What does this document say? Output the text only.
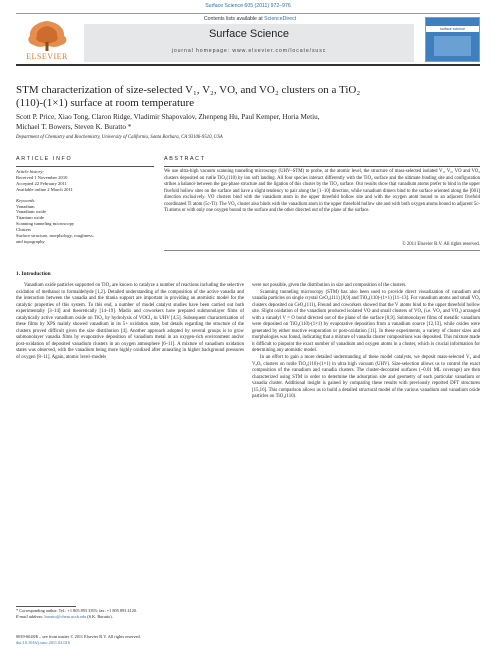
Surface Science 605 (2011) 972–976
ELSEVIER
Contents lists available at ScienceDirect
Surface Science
journal homepage: www.elsevier.com/locate/susc
surface science
STM characterization of size-selected V₁, V₂, VO, and VO₂ clusters on a TiO₂
(110)-(1×1) surface at room temperature
Scott P. Price, Xiao Tong, Claron Ridge, Vladimir Shapovalov, Zhenpeng Hu, Paul Kemper, Horia Metiu,
Michael T. Bowers, Steven K. Buratto *
Department of Chemistry and Biochemistry, University of California, Santa Barbara, CA 93106-9510, USA
ARTICLE INFO	ABSTRACT
Article history:
Received 1 November 2010
Accepted 22 February 2011
Available online 2 March 2011
Keywords:
Vanadium
Vanadium oxide
Titanium oxide
Scanning tunneling microscopy
Clusters
Surface structure, morphology, roughness,
and topography
We use ultra-high vacuum scanning tunneling microscopy (UHV–STM) to probe, at the atomic level, the structure of mass-selected isolated V₁, V₂, VO and VO₂ clusters deposited on rutile TiO₂(110) by ion soft landing. All four species interact differently with the TiO₂ surface and the ultimate binding site and configuration strikes a balance between the gas-phase structure and the ligation of this cluster by the TiO₂ surface. Our results show that vanadium atoms prefer to bind in the upper fivefold hollow sites on the surface and have a slight tendency to pair along the [1−10] direction, while vanadium dimers bind to the surface oriented along the [001] direction exclusively. VO clusters bind with the vanadium atom in the upper threefold hollow site and with the oxygen atom bound to an adjacent fivefold coordinated Ti atom (5c-Ti). The VO₂ cluster also binds with the vanadium atom in the upper threefold hollow site and with both oxygen atoms bound to adjacent 5c-Ti atoms or with only one oxygen bound to the surface and the other directed out of the plane of the surface.
© 2011 Elsevier B.V. All rights reserved.
1. Introduction

Vanadium oxide particles supported on TiO₂ are known to catalyze a number of reactions including the selective oxidation of methanol to formaldehyde [1,2]. Detailed understanding of the composition of the active vanadia and the interaction between the vanadia and the titania support are important in providing an atomistic model for the catalytic properties of this system. To this end, a number of model catalyst studies have been carried out both experimentally [3–14] and theoretically [14–19]. Madix and coworkers have prepared submonolayer films of catalytically active vanadium oxide on TiO₂ by hydrolysis of VOCl₃ in UHV [4,5]. Subsequent characterization of these films by XPS mainly showed vanadium in its 5+ oxidation state, but details regarding the structure of the clusters proved difficult given the size distribution [4]. Another approach adopted by several groups is to grow submonolayer vanadia films by evaporative deposition of vanadium metal in an oxygen-rich environment and/or post-oxidation of deposited vanadium clusters in an oxygen atmosphere [6–11]. A mixture of vanadium oxidation states was observed, with the vanadium being more highly oxidized after annealing in higher background pressures of oxygen [8–11]. Again, atomic level–models

were not possible, given the distribution in size and composition of the clusters.

Scanning tunneling microscopy (STM) has also been used to provide direct visualization of vanadium and vanadia particles on single crystal CeO₂(111) [8,9] and TiO₂(110)-(1×1) [11–13]. For vanadium atoms and small VOₓ clusters deposited on CeO₂(111), Freund and coworkers showed that the V atoms bind to the upper threefold hollow site. Slight oxidation of the vanadium produced isolated VO and small clusters of VOₓ (i.e. VO₂ and VO₃) arranged with a vanadyl V = O bond directed out of the plane of the surface [8,9]. Submonolayer films of metallic vanadium were deposited on TiO₂(110)-(1×1) by evaporative deposition from a vanadium source [12,13], while oxides were generated by either reactive evaporation or post-oxidation [11]. In these experiments, a variety of cluster sizes and morphologies was found, indicating that a mixture of vanadia cluster compositions was deposited. This mixture made it difficult to pinpoint the exact number of vanadium and oxygen atoms in a cluster, which is crucial information for determining any atomistic model.

In an effort to gain a more detailed understanding of these model catalysts, we deposit mass-selected V₂ and VₓOᵧ clusters on rutile TiO₂(110)-(1×1) in ultra high vacuum (UHV). Size-selection allows us to control the exact composition of the vanadium and vanadia clusters. The cluster-decorated surfaces (~0.01 ML coverage) are then characterized using STM in order to determine the adsorption site and geometry of each particular vanadium or vanadia cluster. Additional insight is gained by comparing these results with previously reported DFT structures [15,16]. This comparison allows us to build a detailed structural model of the various vanadium and vanadium oxide particles on TiO₂(110).

* Corresponding author. Tel.: +1 805 893 3393; fax: +1 805 893 4120.
E-mail address: buratto@chem.ucsb.edu (S.K. Buratto).
0039-6028/$ – see front matter © 2011 Elsevier B.V. All rights reserved.
doi:10.1016/j.susc.2011.02.016
